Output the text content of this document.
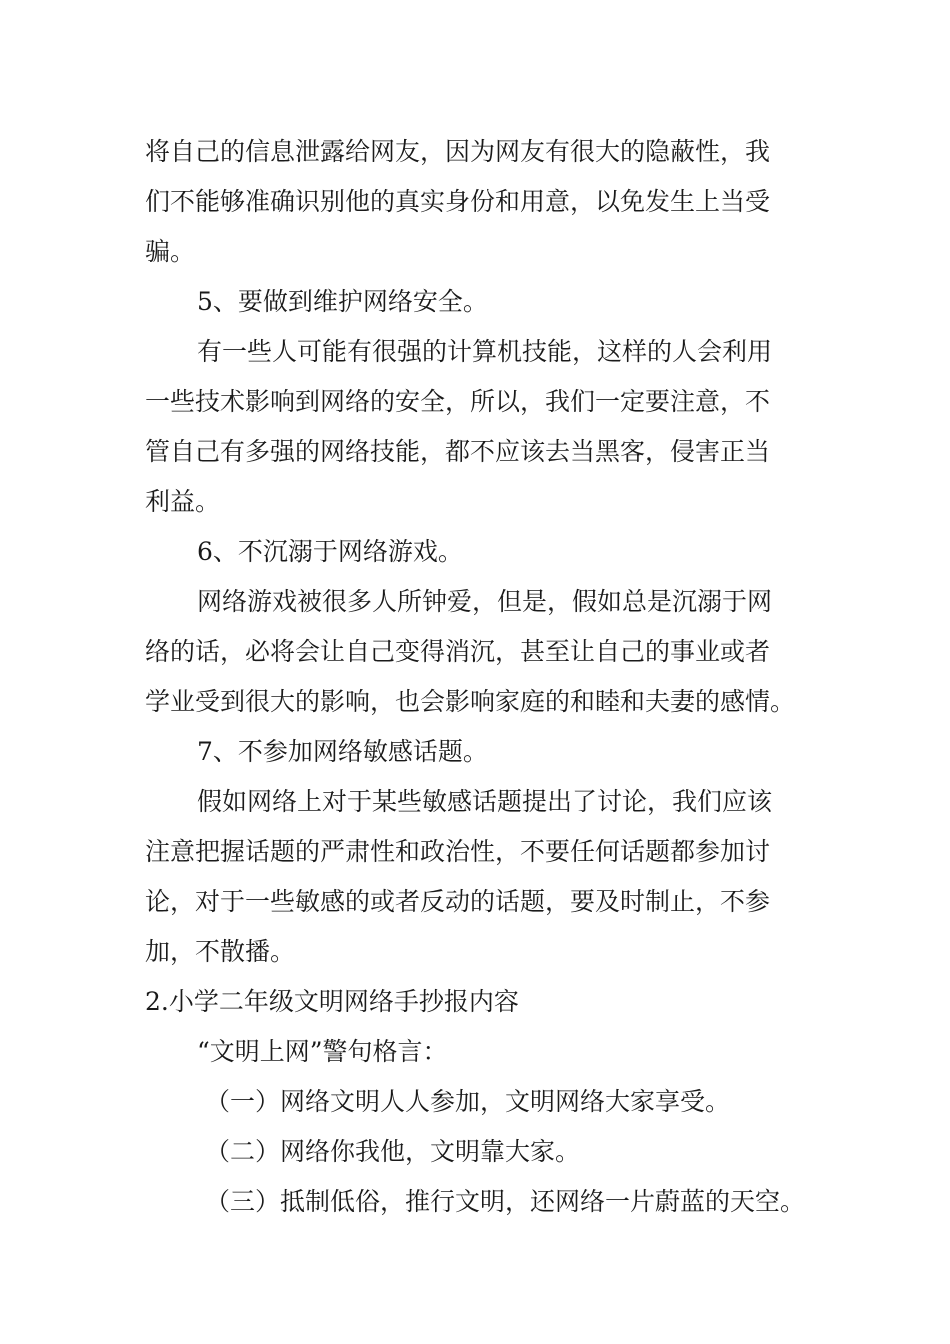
将自己的信息泄露给网友，因为网友有很大的隐蔽性，我
们不能够准确识别他的真实身份和用意，以免发生上当受
骗。
5、要做到维护网络安全。
有一些人可能有很强的计算机技能，这样的人会利用
一些技术影响到网络的安全，所以，我们一定要注意，不
管自己有多强的网络技能，都不应该去当黑客，侵害正当
利益。
6、不沉溺于网络游戏。
网络游戏被很多人所钟爱，但是，假如总是沉溺于网
络的话，必将会让自己变得消沉，甚至让自己的事业或者
学业受到很大的影响，也会影响家庭的和睦和夫妻的感情。
7、不参加网络敏感话题。
假如网络上对于某些敏感话题提出了讨论，我们应该
注意把握话题的严肃性和政治性，不要任何话题都参加讨
论，对于一些敏感的或者反动的话题，要及时制止，不参
加，不散播。
2.小学二年级文明网络手抄报内容
“文明上网”警句格言：
（一）网络文明人人参加，文明网络大家享受。
（二）网络你我他，文明靠大家。
（三）抵制低俗，推行文明，还网络一片蔚蓝的天空。
